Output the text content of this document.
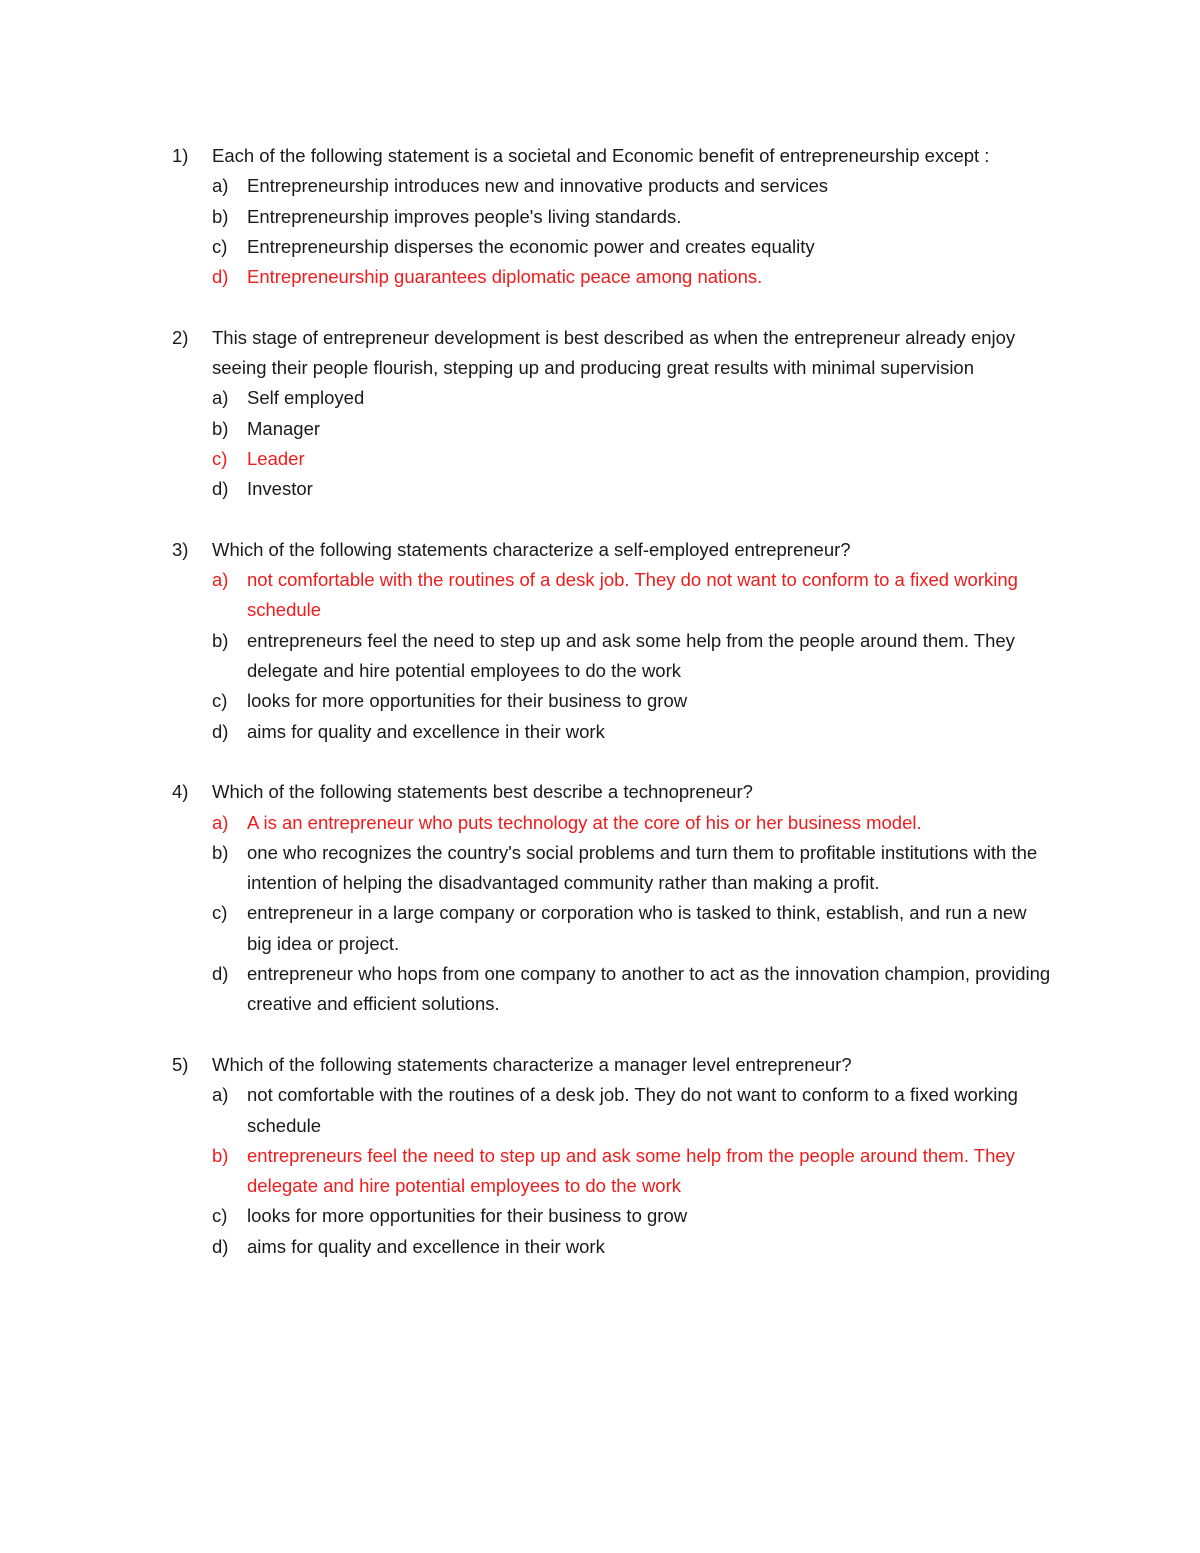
1)	Each of the following statement is a societal and Economic benefit of entrepreneurship except :
a)	Entrepreneurship introduces new and innovative products and services
b)	Entrepreneurship improves people's living standards.
c)	Entrepreneurship disperses the economic power and creates equality
d)	Entrepreneurship guarantees diplomatic peace among nations.
2)	This stage of entrepreneur development is best described as when the entrepreneur already enjoy seeing their people flourish, stepping up and producing great results with minimal supervision
a)	Self employed
b)	Manager
c)	Leader
d)	Investor
3)	Which of the following statements characterize a self-employed entrepreneur?
a)	not comfortable with the routines of a desk job. They do not want to conform to a fixed working schedule
b)	entrepreneurs feel the need to step up and ask some help from the people around them. They delegate and hire potential employees to do the work
c)	looks for more opportunities for their business to grow
d)	aims for quality and excellence in their work
4)	Which of the following statements best describe a technopreneur?
a)	A is an entrepreneur who puts technology at the core of his or her business model.
b)	one who recognizes the country's social problems and turn them to profitable institutions with the intention of helping the disadvantaged community rather than making a profit.
c)	entrepreneur in a large company or corporation who is tasked to think, establish, and run a new big idea or project.
d)	entrepreneur who hops from one company to another to act as the innovation champion, providing creative and efficient solutions.
5)	Which of the following statements characterize a manager level entrepreneur?
a)	not comfortable with the routines of a desk job. They do not want to conform to a fixed working schedule
b)	entrepreneurs feel the need to step up and ask some help from the people around them. They delegate and hire potential employees to do the work
c)	looks for more opportunities for their business to grow
d)	aims for quality and excellence in their work
